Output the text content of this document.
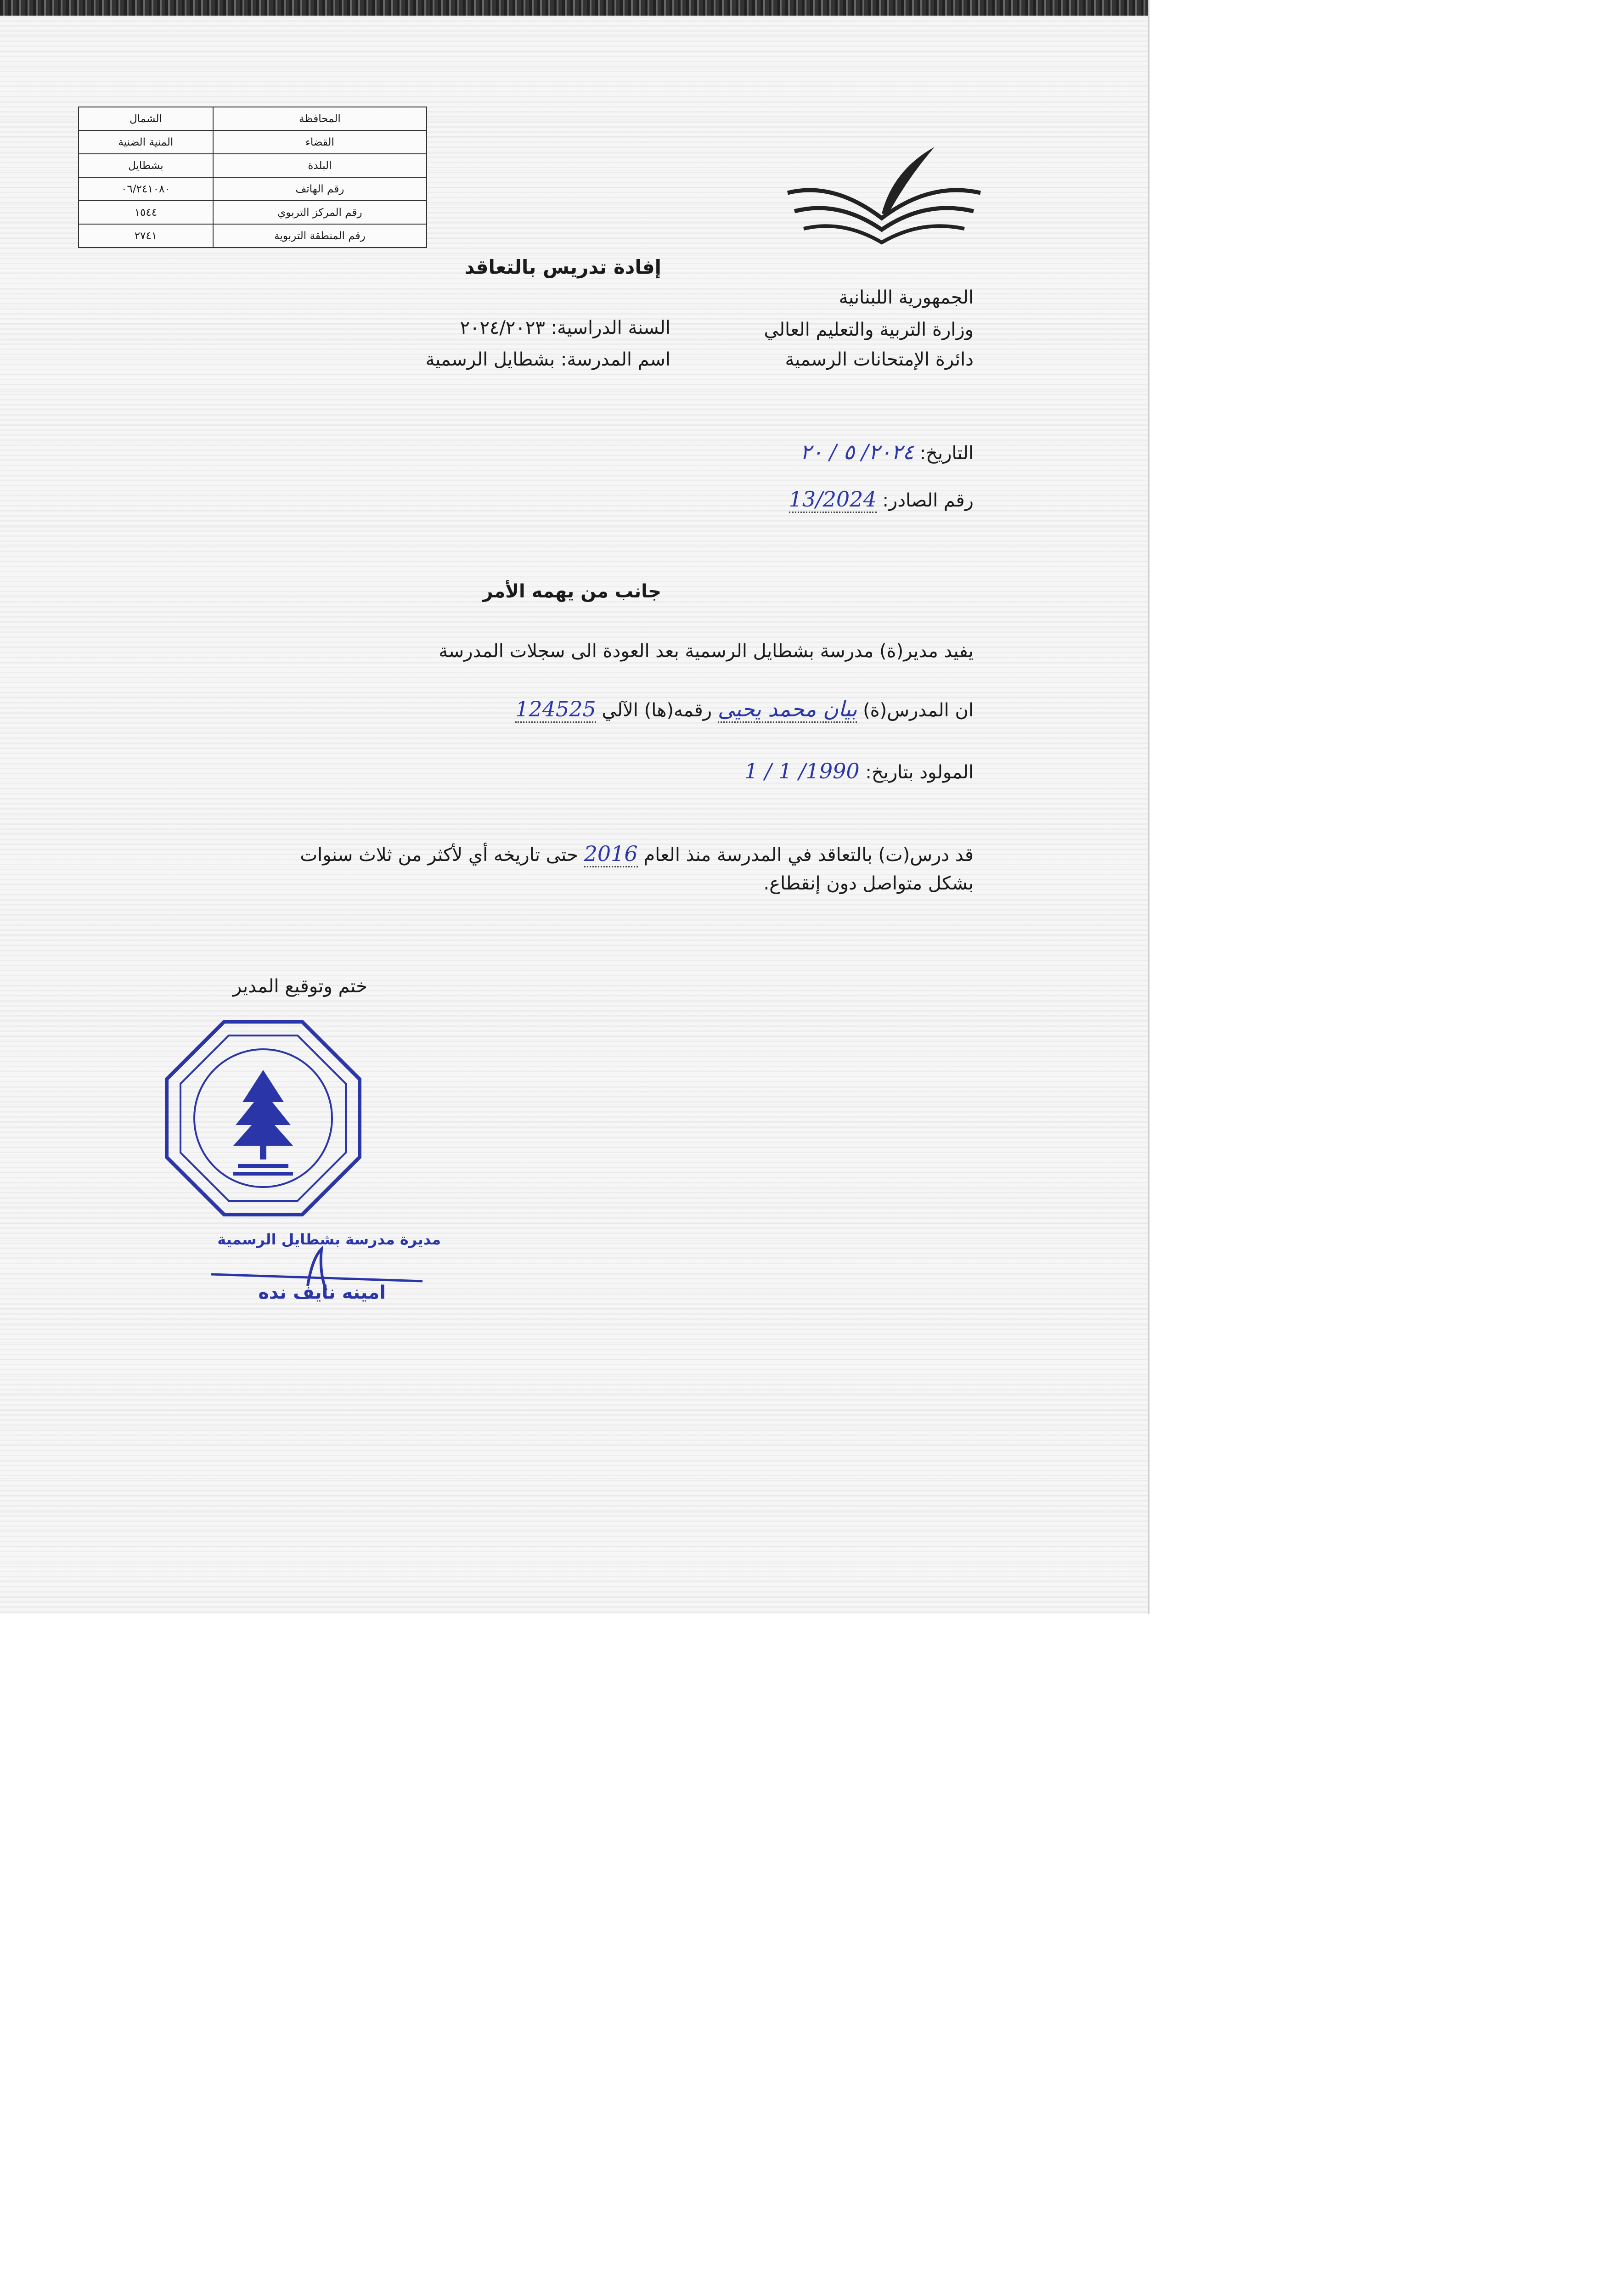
المحافظة	الشمال
القضاء	المنية الضنية
البلدة	بشطايل
رقم الهاتف	٠٦/٢٤١٠٨٠
رقم المركز التربوي	١٥٤٤
رقم المنطقة التربوية	٢٧٤١
إفادة تدريس بالتعاقد
الجمهورية اللبنانية
وزارة التربية والتعليم العالي
دائرة الإمتحانات الرسمية
السنة الدراسية: ٢٠٢٤/٢٠٢٣
اسم المدرسة: بشطايل الرسمية
التاريخ: ٢٠٢٤/ ٥ / ٢٠
رقم الصادر: 13/2024
جانب من يهمه الأمر
يفيد مدير(ة) مدرسة بشطايل الرسمية بعد العودة الى سجلات المدرسة
ان المدرس(ة) بيان محمد يحيى رقمه(ها) الآلي 124525
المولود بتاريخ: 1990/ 1 / 1
قد درس(ت) بالتعاقد في المدرسة منذ العام 2016 حتى تاريخه أي لأكثر من ثلاث سنوات
بشكل متواصل دون إنقطاع.
ختم وتوقيع المدير
مديرة مدرسة بشطايل الرسمية
امينه نايف نده
